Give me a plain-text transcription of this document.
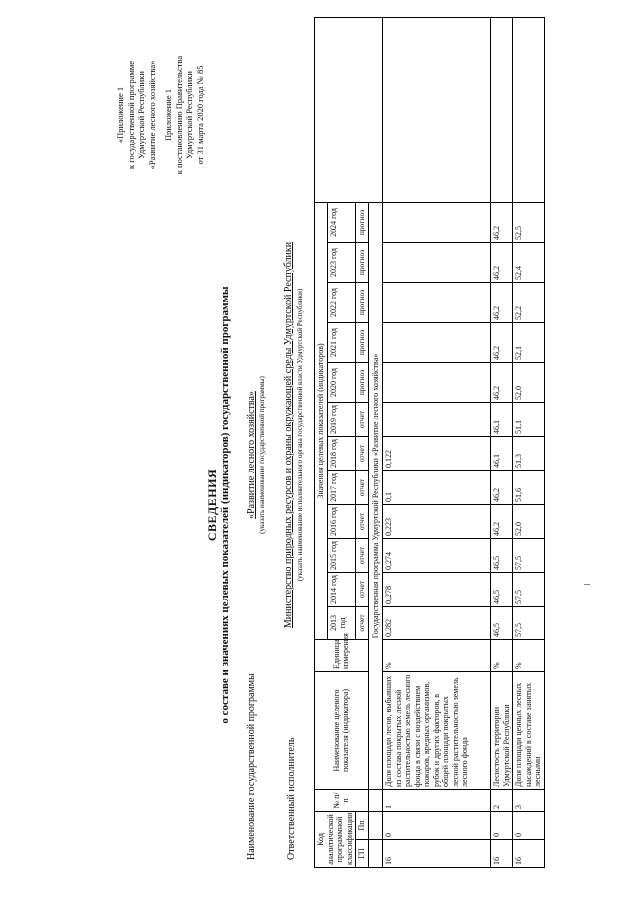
Приложение 1 к постановлению Правительства Удмуртской Республики от 31 марта 2020 года № 85
«Приложение 1 к государственной программе Удмуртской Республики «Развитие лесного хозяйства»
СВЕДЕНИЯ о составе и значениях целевых показателей (индикаторов) государственной программы
Наименование государственной программы
«Развитие лесного хозяйства» (указать наименование государственной программы)
Ответственный исполнитель
Министерство природных ресурсов и охраны окружающей среды Удмуртской Республики (указать наименование исполнительного органа государственной власти Удмуртской Республики)
Код аналитической программной классификации		№ п/п	Наименование целевого показателя (индикатора)	Единица измерения	Значения целевых показателей (индикаторов)												
					2013 год	2014 год	2015 год	2016 год	2017 год	2018 год	2019 год	2020 год	2021 год	2022 год	2023 год	2024 год	
ГП	Пп																
					отчет	отчет	отчет	отчет	отчет	отчет	отчет	прогноз	прогноз	прогноз	прогноз	прогноз	
			Государственная программа Удмуртской Республики «Развитие лесного хозяйства»														
16	0	1	Доля площади лесов, выбывших из состава покрытых лесной растительностью земель лесного фонда в связи с воздействием пожаров, вредных организмов, рубок и других факторов, в общей площади покрытых лесной растительностью земель лесного фонда	%	0,282	0,278	0,274	0,223	0,1	0,122							
16	0	2	Лесистость территории Удмуртской Республики	%	46,5	46,5	46,5	46,2	46,2	46,1	46,1	46,2	46,2	46,2	46,2	46,2	
16	0	3	Доля площади ценных лесных насаждений в составе занятых лесными	%	57,5	57,5	57,5	52,0	51,6	51,3	51,1	52,0	52,1	52,2	52,4	52,5	
